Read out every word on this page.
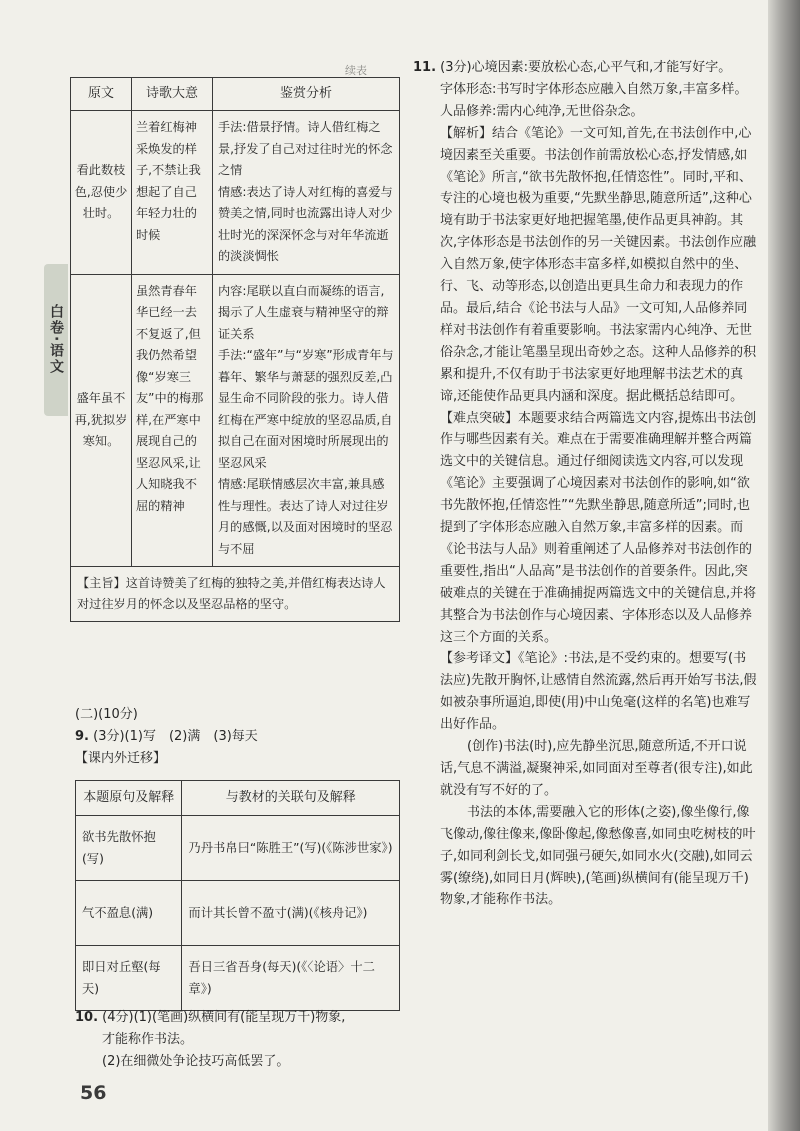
续表
白卷·语文
原文	诗歌大意	鉴赏分析
看此数枝色,忍使少壮时。	兰着红梅神采焕发的样子,不禁让我想起了自己年轻力壮的时候	手法:借景抒情。诗人借红梅之景,抒发了自己对过往时光的怀念之情
情感:表达了诗人对红梅的喜爱与赞美之情,同时也流露出诗人对少壮时光的深深怀念与对年华流逝的淡淡惆怅
盛年虽不再,犹拟岁寒知。	虽然青春年华已经一去不复返了,但我仍然希望像“岁寒三友”中的梅那样,在严寒中展现自己的坚忍风采,让人知晓我不屈的精神	内容:尾联以直白而凝练的语言,揭示了人生虚衰与精神坚守的辩证关系
手法:“盛年”与“岁寒”形成青年与暮年、繁华与萧瑟的强烈反差,凸显生命不同阶段的张力。诗人借红梅在严寒中绽放的坚忍品质,自拟自己在面对困境时所展现出的坚忍风采
情感:尾联情感层次丰富,兼具感性与理性。表达了诗人对过往岁月的感慨,以及面对困境时的坚忍与不屈
【主旨】这首诗赞美了红梅的独特之美,并借红梅表达诗人对过往岁月的怀念以及坚忍品格的坚守。		
(二)(10分)
9. (3分)(1)写　(2)满　(3)每天
【课内外迁移】
本题原句及解释	与教材的关联句及解释
欲书先散怀抱(写)	乃丹书帛曰“陈胜王”(写)(《陈涉世家》)
气不盈息(满)	而计其长曾不盈寸(满)(《核舟记》)
即日对丘壑(每天)	吾日三省吾身(每天)(《〈论语〉十二章》)
10. (4分)(1)(笔画)纵横间有(能呈现万千)物象,
才能称作书法。
(2)在细微处争论技巧高低罢了。
56

11. (3分)心境因素:要放松心态,心平气和,才能写好字。

字体形态:书写时字体形态应融入自然万象,丰富多样。

人品修养:需内心纯净,无世俗杂念。

【解析】结合《笔论》一文可知,首先,在书法创作中,心境因素至关重要。书法创作前需放松心态,抒发情感,如《笔论》所言,“欲书先散怀抱,任情恣性”。同时,平和、专注的心境也极为重要,“先默坐静思,随意所适”,这种心境有助于书法家更好地把握笔墨,使作品更具神韵。其次,字体形态是书法创作的另一关键因素。书法创作应融入自然万象,使字体形态丰富多样,如模拟自然中的坐、行、飞、动等形态,以创造出更具生命力和表现力的作品。最后,结合《论书法与人品》一文可知,人品修养同样对书法创作有着重要影响。书法家需内心纯净、无世俗杂念,才能让笔墨呈现出奇妙之态。这种人品修养的积累和提升,不仅有助于书法家更好地理解书法艺术的真谛,还能使作品更具内涵和深度。据此概括总结即可。

【难点突破】本题要求结合两篇选文内容,提炼出书法创作与哪些因素有关。难点在于需要准确理解并整合两篇选文中的关键信息。通过仔细阅读选文内容,可以发现《笔论》主要强调了心境因素对书法创作的影响,如“欲书先散怀抱,任情恣性”“先默坐静思,随意所适”;同时,也提到了字体形态应融入自然万象,丰富多样的因素。而《论书法与人品》则着重阐述了人品修养对书法创作的重要性,指出“人品高”是书法创作的首要条件。因此,突破难点的关键在于准确捕捉两篇选文中的关键信息,并将其整合为书法创作与心境因素、字体形态以及人品修养这三个方面的关系。

【参考译文】《笔论》:书法,是不受约束的。想要写(书法应)先散开胸怀,让感情自然流露,然后再开始写书法,假如被杂事所逼迫,即使(用)中山兔毫(这样的名笔)也难写出好作品。

(创作)书法(时),应先静坐沉思,随意所适,不开口说话,气息不满溢,凝聚神采,如同面对至尊者(很专注),如此就没有写不好的了。

书法的本体,需要融入它的形体(之姿),像坐像行,像飞像动,像往像来,像卧像起,像愁像喜,如同虫吃树枝的叶子,如同利剑长戈,如同强弓硬矢,如同水火(交融),如同云雾(缭绕),如同日月(辉映),(笔画)纵横间有(能呈现万千)物象,才能称作书法。
